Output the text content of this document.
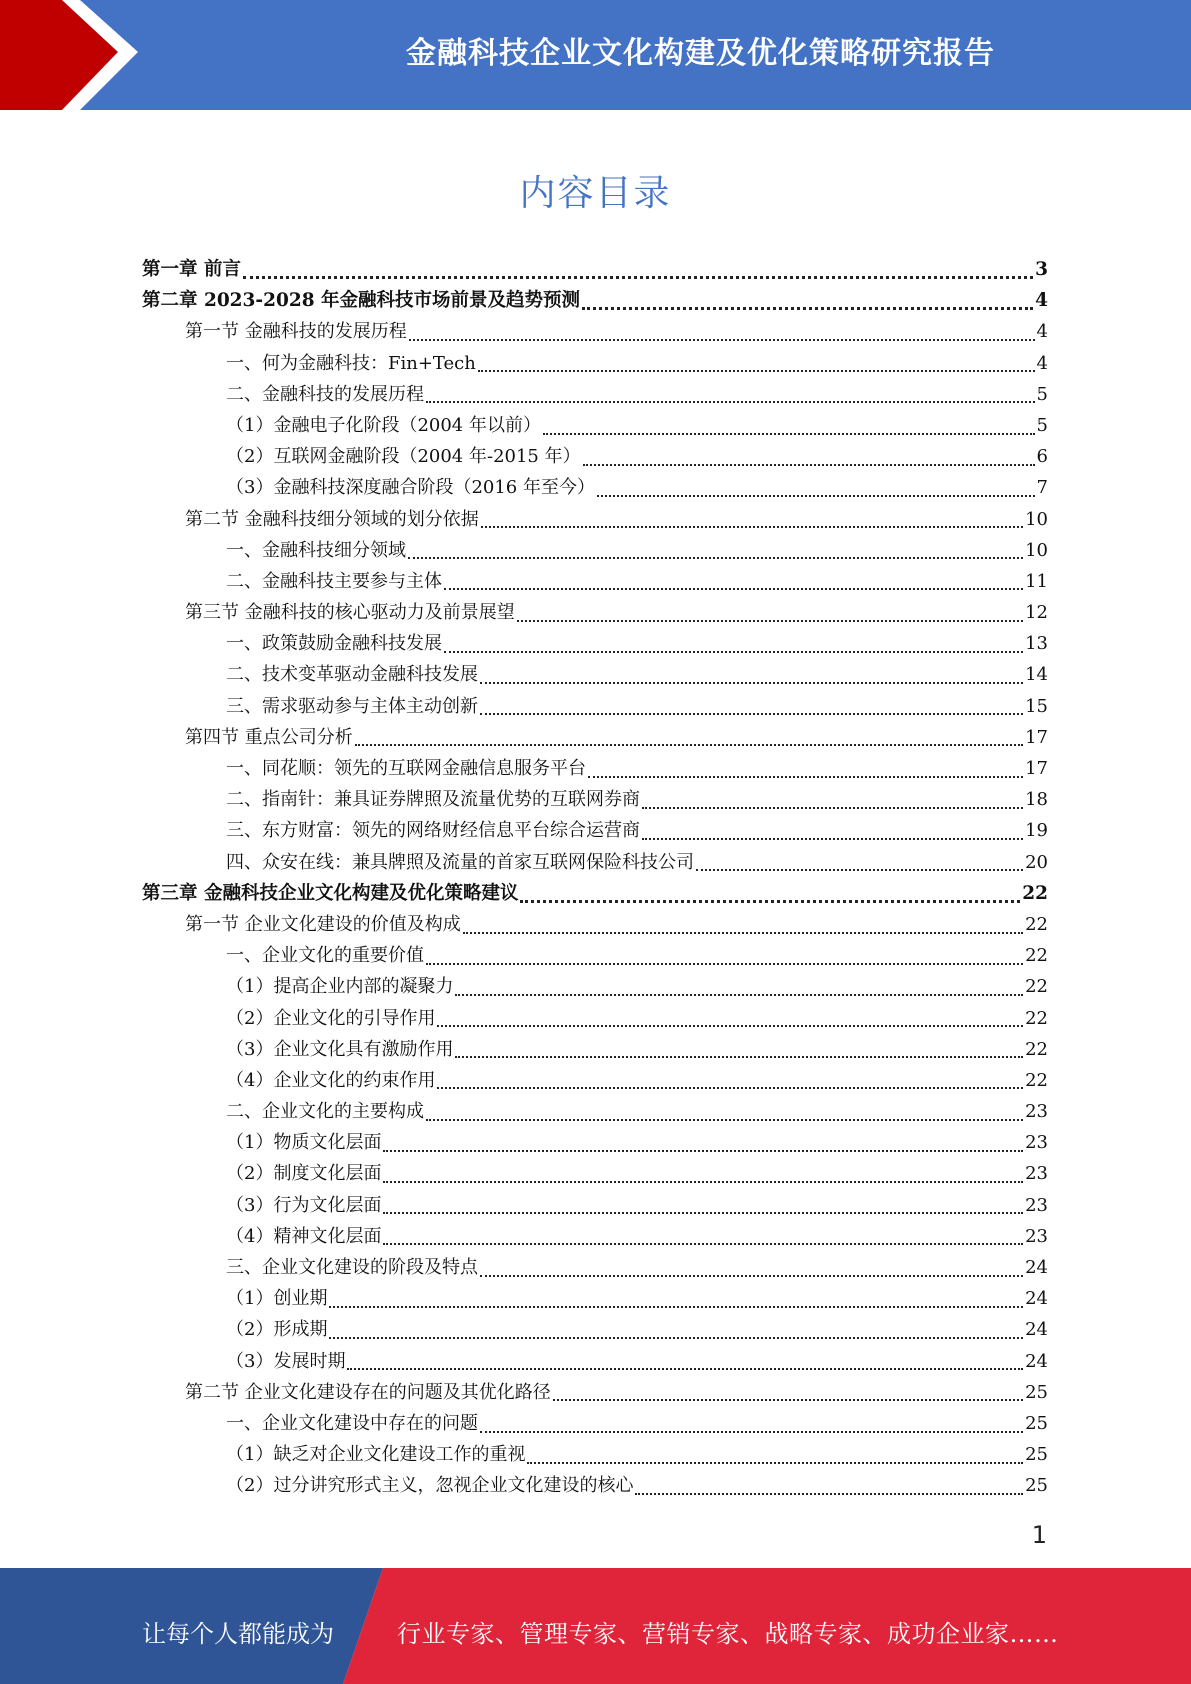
金融科技企业文化构建及优化策略研究报告
内容目录
第一章 前言	3
第二章 2023-2028 年金融科技市场前景及趋势预测	4
第一节 金融科技的发展历程	4
一、何为金融科技：Fin+Tech	4
二、金融科技的发展历程	5
（1）金融电子化阶段（2004 年以前）	5
（2）互联网金融阶段（2004 年-2015 年）	6
（3）金融科技深度融合阶段（2016 年至今）	7
第二节 金融科技细分领域的划分依据	10
一、金融科技细分领域	10
二、金融科技主要参与主体	11
第三节 金融科技的核心驱动力及前景展望	12
一、政策鼓励金融科技发展	13
二、技术变革驱动金融科技发展	14
三、需求驱动参与主体主动创新	15
第四节 重点公司分析	17
一、同花顺：领先的互联网金融信息服务平台	17
二、指南针：兼具证券牌照及流量优势的互联网券商	18
三、东方财富：领先的网络财经信息平台综合运营商	19
四、众安在线：兼具牌照及流量的首家互联网保险科技公司	20
第三章 金融科技企业文化构建及优化策略建议	22
第一节 企业文化建设的价值及构成	22
一、企业文化的重要价值	22
（1）提高企业内部的凝聚力	22
（2）企业文化的引导作用	22
（3）企业文化具有激励作用	22
（4）企业文化的约束作用	22
二、企业文化的主要构成	23
（1）物质文化层面	23
（2）制度文化层面	23
（3）行为文化层面	23
（4）精神文化层面	23
三、企业文化建设的阶段及特点	24
（1）创业期	24
（2）形成期	24
（3）发展时期	24
第二节 企业文化建设存在的问题及其优化路径	25
一、企业文化建设中存在的问题	25
（1）缺乏对企业文化建设工作的重视	25
（2）过分讲究形式主义，忽视企业文化建设的核心	25
1
让每个人都能成为	行业专家、管理专家、营销专家、战略专家、成功企业家……
